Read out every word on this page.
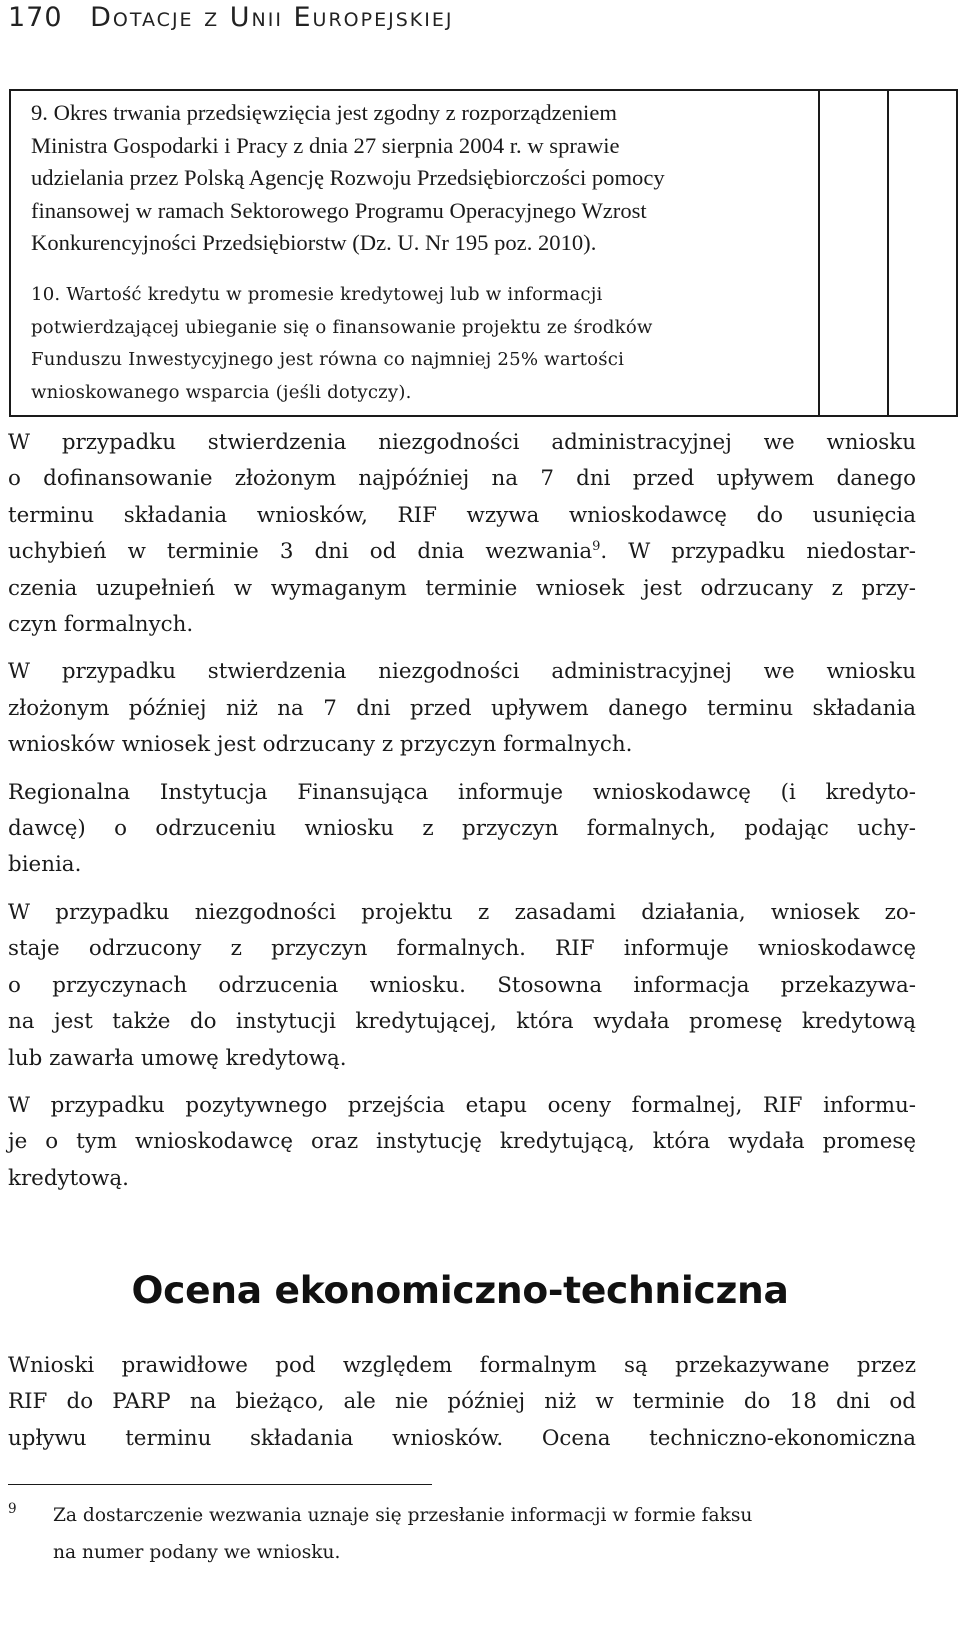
170 Dotacje z Unii Europejskiej
9. Okres trwania przedsięwzięcia jest zgodny z rozporządzeniem
Ministra Gospodarki i Pracy z dnia 27 sierpnia 2004 r. w sprawie
udzielania przez Polską Agencję Rozwoju Przedsiębiorczości pomocy
finansowej w ramach Sektorowego Programu Operacyjnego Wzrost
Konkurencyjności Przedsiębiorstw (Dz. U. Nr 195 poz. 2010).
10. Wartość kredytu w promesie kredytowej lub w informacji
potwierdzającej ubieganie się o finansowanie projektu ze środków
Funduszu Inwestycyjnego jest równa co najmniej 25% wartości
wnioskowanego wsparcia (jeśli dotyczy).

W przypadku stwierdzenia niezgodności administracyjnej we wniosku
o dofinansowanie złożonym najpóźniej na 7 dni przed upływem danego
terminu składania wniosków, RIF wzywa wnioskodawcę do usunięcia
uchybień w terminie 3 dni od dnia wezwania$^9$. W przypadku niedostar-
czenia uzupełnień w wymaganym terminie wniosek jest odrzucany z przy-
czyn formalnych.

W przypadku stwierdzenia niezgodności administracyjnej we wniosku
złożonym później niż na 7 dni przed upływem danego terminu składania
wniosków wniosek jest odrzucany z przyczyn formalnych.

Regionalna Instytucja Finansująca informuje wnioskodawcę (i kredyto-
dawcę) o odrzuceniu wniosku z przyczyn formalnych, podając uchy-
bienia.

W przypadku niezgodności projektu z zasadami działania, wniosek zo-
staje odrzucony z przyczyn formalnych. RIF informuje wnioskodawcę
o przyczynach odrzucenia wniosku. Stosowna informacja przekazywa-
na jest także do instytucji kredytującej, która wydała promesę kredytową
lub zawarła umowę kredytową.

W przypadku pozytywnego przejścia etapu oceny formalnej, RIF informu-
je o tym wnioskodawcę oraz instytucję kredytującą, która wydała promesę
kredytową.

Ocena ekonomiczno-techniczna

Wnioski prawidłowe pod względem formalnym są przekazywane przez
RIF do PARP na bieżąco, ale nie później niż w terminie do 18 dni od
upływu terminu składania wniosków. Ocena techniczno-ekonomiczna

9	Za dostarczenie wezwania uznaje się przesłanie informacji w formie faksu
na numer podany we wniosku.
